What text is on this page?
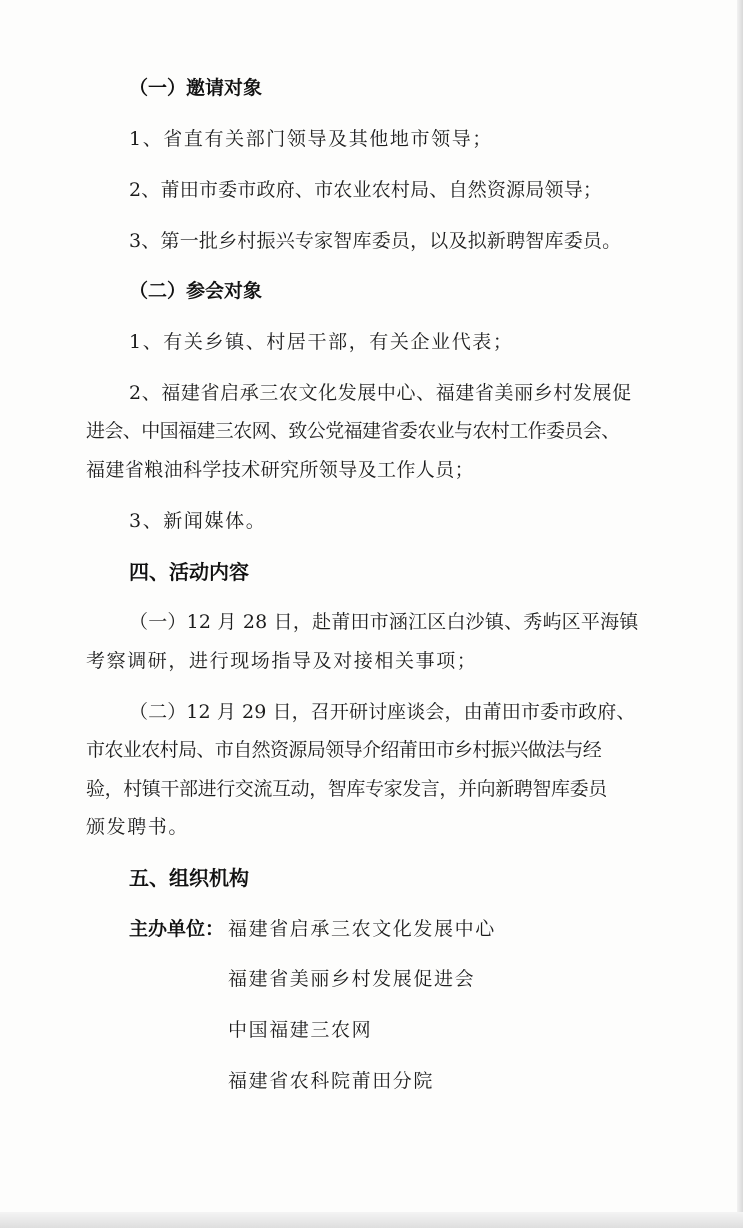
（一）邀请对象

1、省直有关部门领导及其他地市领导；

2、莆田市委市政府、市农业农村局、自然资源局领导；

3、第一批乡村振兴专家智库委员，以及拟新聘智库委员。

（二）参会对象

1、有关乡镇、村居干部，有关企业代表；

2、福建省启承三农文化发展中心、福建省美丽乡村发展促

进会、中国福建三农网、致公党福建省委农业与农村工作委员会、

福建省粮油科学技术研究所领导及工作人员；

3、新闻媒体。

四、活动内容

（一）12 月 28 日，赴莆田市涵江区白沙镇、秀屿区平海镇

考察调研，进行现场指导及对接相关事项；

（二）12 月 29 日，召开研讨座谈会，由莆田市委市政府、

市农业农村局、市自然资源局领导介绍莆田市乡村振兴做法与经

验，村镇干部进行交流互动，智库专家发言，并向新聘智库委员

颁发聘书。

五、组织机构

主办单位： 福建省启承三农文化发展中心

福建省美丽乡村发展促进会

中国福建三农网

福建省农科院莆田分院
